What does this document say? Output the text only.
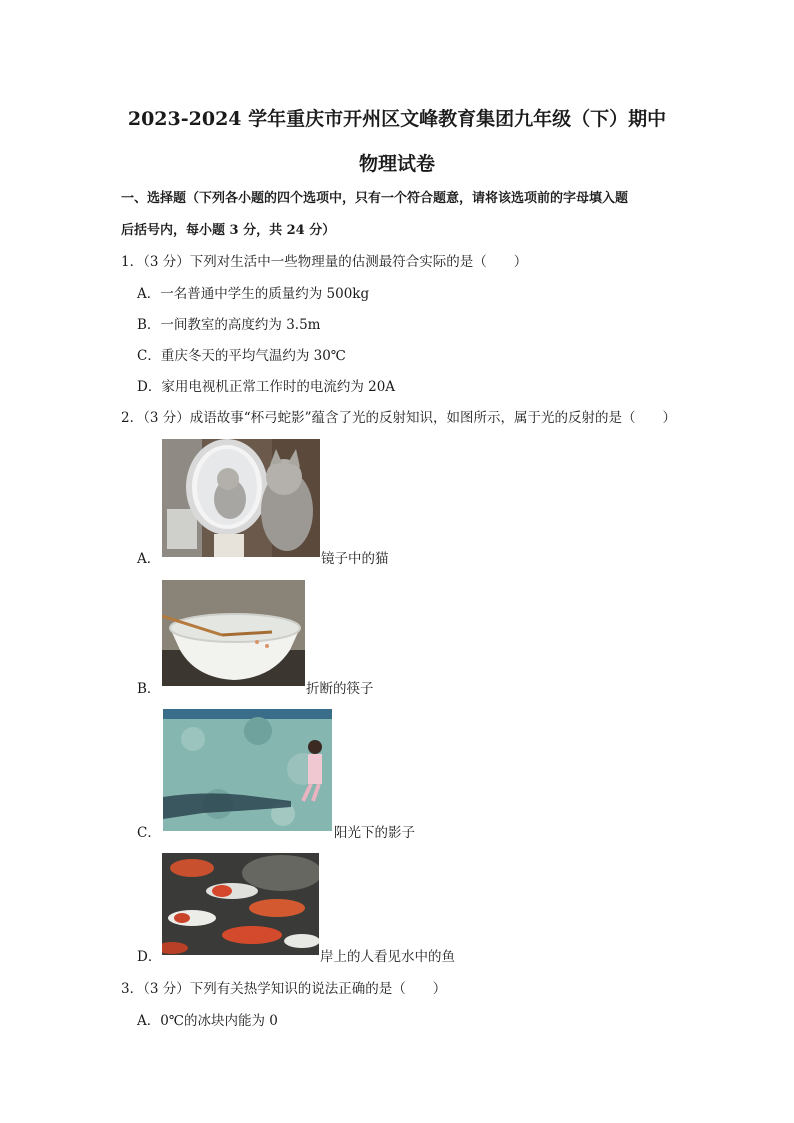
2023-2024 学年重庆市开州区文峰教育集团九年级（下）期中
物理试卷
一、选择题（下列各小题的四个选项中，只有一个符合题意，请将该选项前的字母填入题
后括号内，每小题 3 分，共 24 分）
1．（3 分）下列对生活中一些物理量的估测最符合实际的是（　　）
A．一名普通中学生的质量约为 500kg
B．一间教室的高度约为 3.5m
C．重庆冬天的平均气温约为 30℃
D．家用电视机正常工作时的电流约为 20A
2．（3 分）成语故事“杯弓蛇影”蕴含了光的反射知识，如图所示，属于光的反射的是（　　）
A．	镜子中的猫
B．	折断的筷子
C．	阳光下的影子
D．	岸上的人看见水中的鱼
3．（3 分）下列有关热学知识的说法正确的是（　　）
A．0℃的冰块内能为 0
